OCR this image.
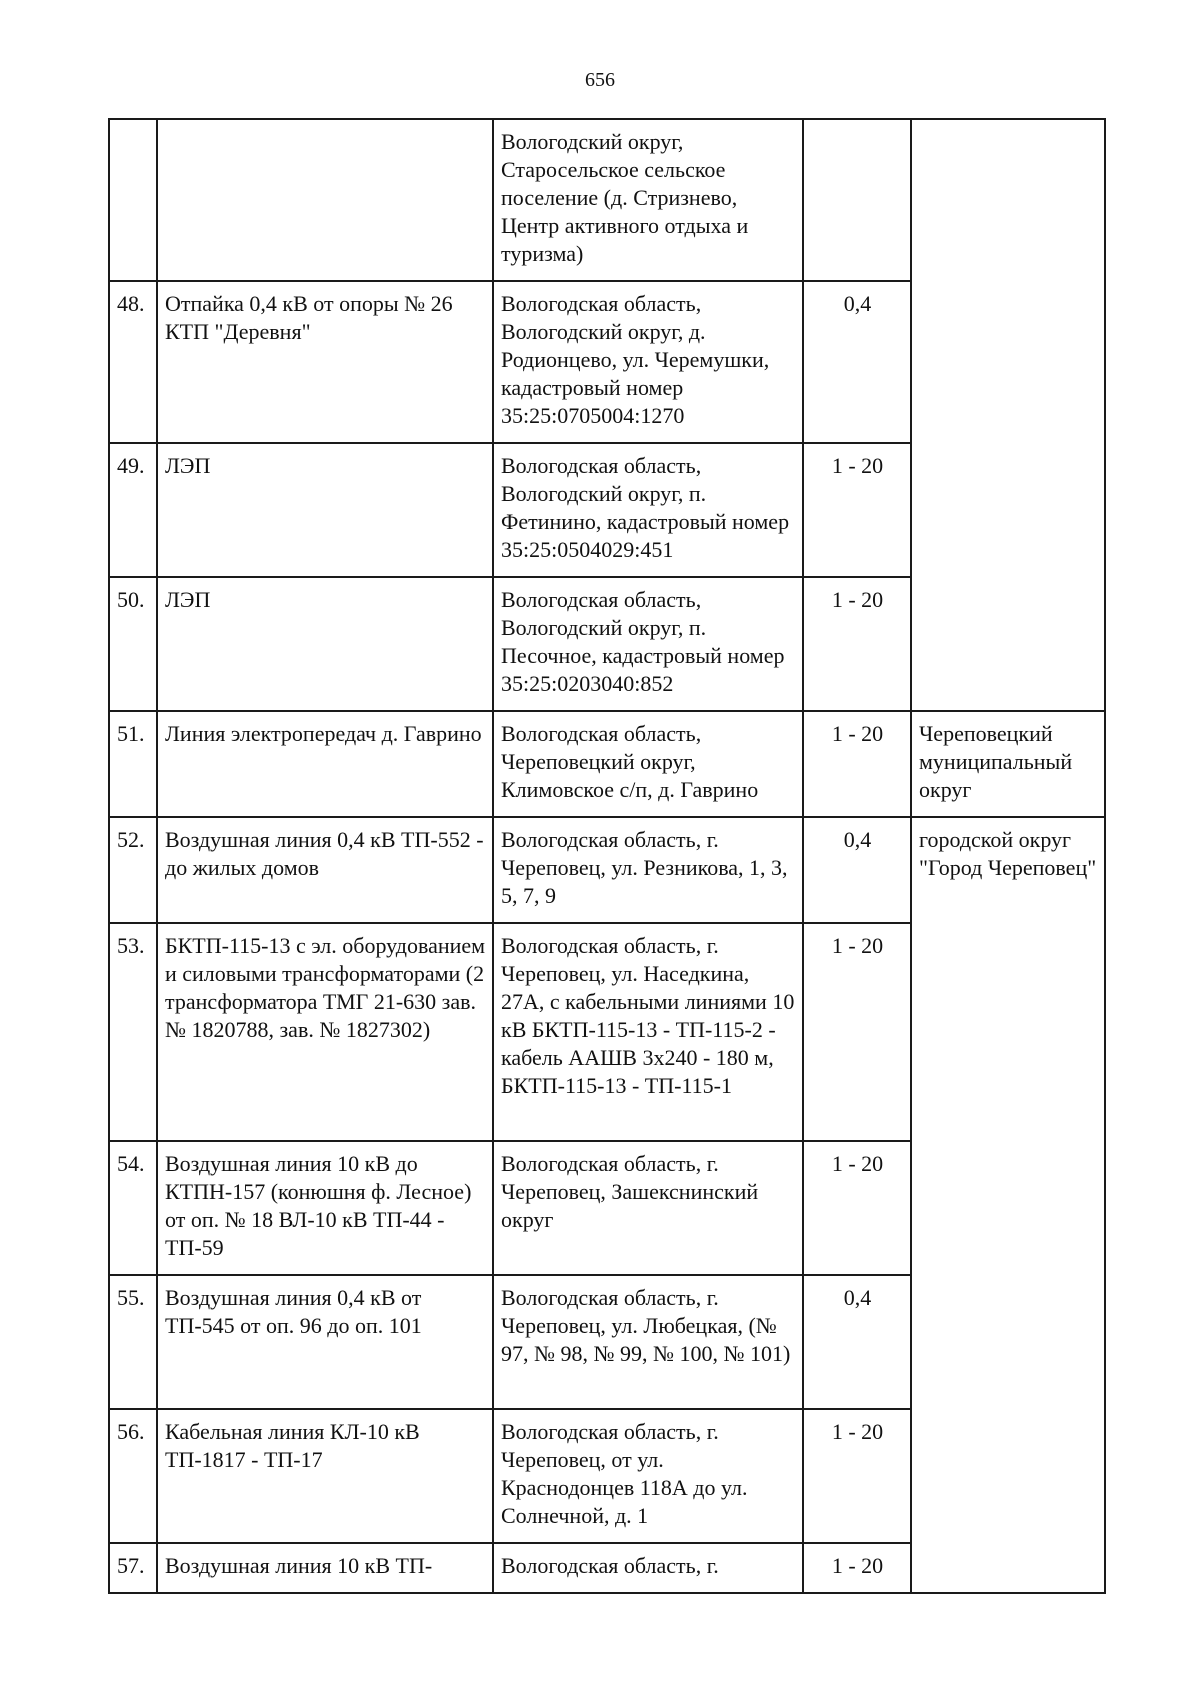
656
		Вологодский округ, Старосельское сельское поселение (д. Стризнево, Центр активного отдыха и туризма)		
48.	Отпайка 0,4 кВ от опоры № 26 КТП "Деревня"	Вологодская область, Вологодский округ, д. Родионцево, ул. Черемушки, кадастровый номер 35:25:0705004:1270	0,4	
49.	ЛЭП	Вологодская область, Вологодский округ, п. Фетинино, кадастровый номер 35:25:0504029:451	1 - 20	
50.	ЛЭП	Вологодская область, Вологодский округ, п. Песочное, кадастровый номер 35:25:0203040:852	1 - 20	
51.	Линия электропередач д. Гаврино	Вологодская область, Череповецкий округ, Климовское с/п, д. Гаврино	1 - 20	Череповецкий муниципальный округ
52.	Воздушная линия 0,4 кВ ТП-552 - до жилых домов	Вологодская область, г. Череповец, ул. Резникова, 1, 3, 5, 7, 9	0,4	городской округ "Город Череповец"
53.	БКТП-115-13 с эл. оборудованием и силовыми трансформаторами (2 трансформатора ТМГ 21-630 зав. № 1820788, зав. № 1827302)	Вологодская область, г. Череповец, ул. Наседкина, 27А, с кабельными линиями 10 кВ БКТП-115-13 - ТП-115-2 - кабель ААШВ 3х240 - 180 м, БКТП-115-13 - ТП-115-1	1 - 20	
54.	Воздушная линия 10 кВ до КТПН-157 (конюшня ф. Лесное) от оп. № 18 ВЛ-10 кВ ТП-44 - ТП-59	Вологодская область, г. Череповец, Зашекснинский округ	1 - 20	
55.	Воздушная линия 0,4 кВ от ТП-545 от оп. 96 до оп. 101	Вологодская область, г. Череповец, ул. Любецкая, (№ 97, № 98, № 99, № 100, № 101)	0,4	
56.	Кабельная линия КЛ-10 кВ ТП-1817 - ТП-17	Вологодская область, г. Череповец, от ул. Краснодонцев 118А до ул. Солнечной, д. 1	1 - 20	
57.	Воздушная линия 10 кВ ТП-	Вологодская область, г.	1 - 20	
